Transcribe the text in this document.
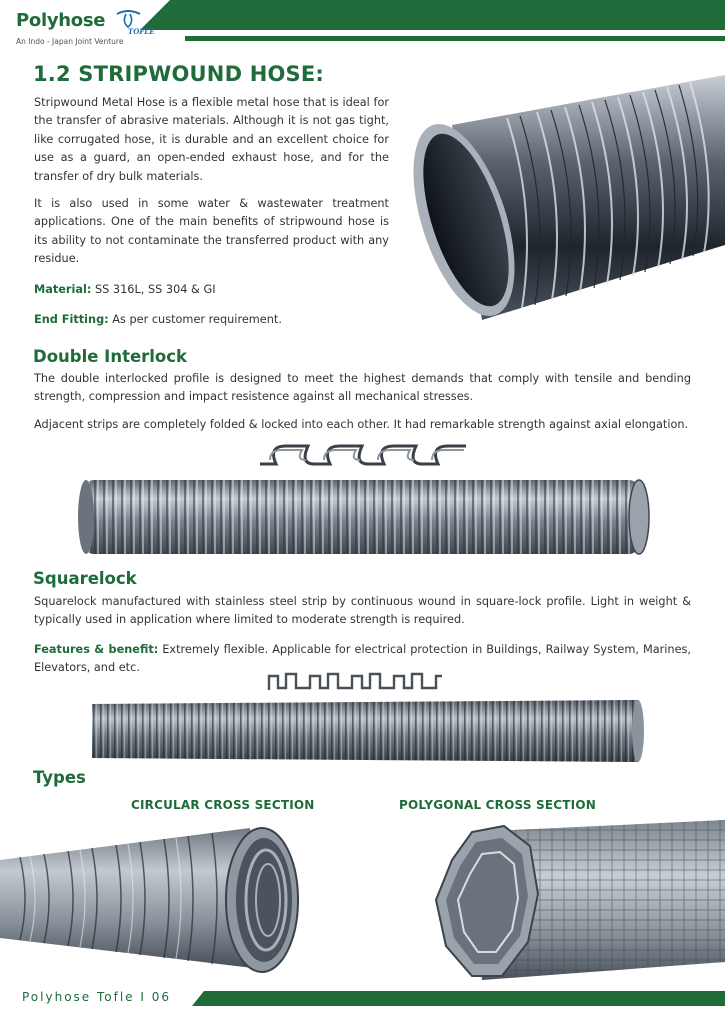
Polyhose
TOFLE
An Indo - Japan Joint Venture
1.2 STRIPWOUND HOSE:

Stripwound Metal Hose is a flexible metal hose that is ideal for the transfer of abrasive materials. Although it is not gas tight, like corrugated hose, it is durable and an excellent choice for use as a guard, an open-ended exhaust hose, and for the transfer of dry bulk materials.

It is also used in some water & wastewater treatment applications. One of the main benefits of stripwound hose is its ability to not contaminate the transferred product with any residue.

Material: SS 316L, SS 304 & GI

End Fitting: As per customer requirement.

Double Interlock

The double interlocked profile is designed to meet the highest demands that comply with tensile and bending strength, compression and impact resistence against all mechanical stresses.

Adjacent strips are completely folded & locked into each other. It had remarkable strength against axial elongation.

Squarelock

Squarelock manufactured with stainless steel strip by continuous wound in square-lock profile. Light in weight & typically used in application where limited to moderate strength is required.

Features & benefit: Extremely flexible. Applicable for electrical protection in Buildings, Railway System, Marines, Elevators, and etc.

Types
CIRCULAR CROSS SECTION	POLYGONAL CROSS SECTION
Polyhose Tofle I 06
